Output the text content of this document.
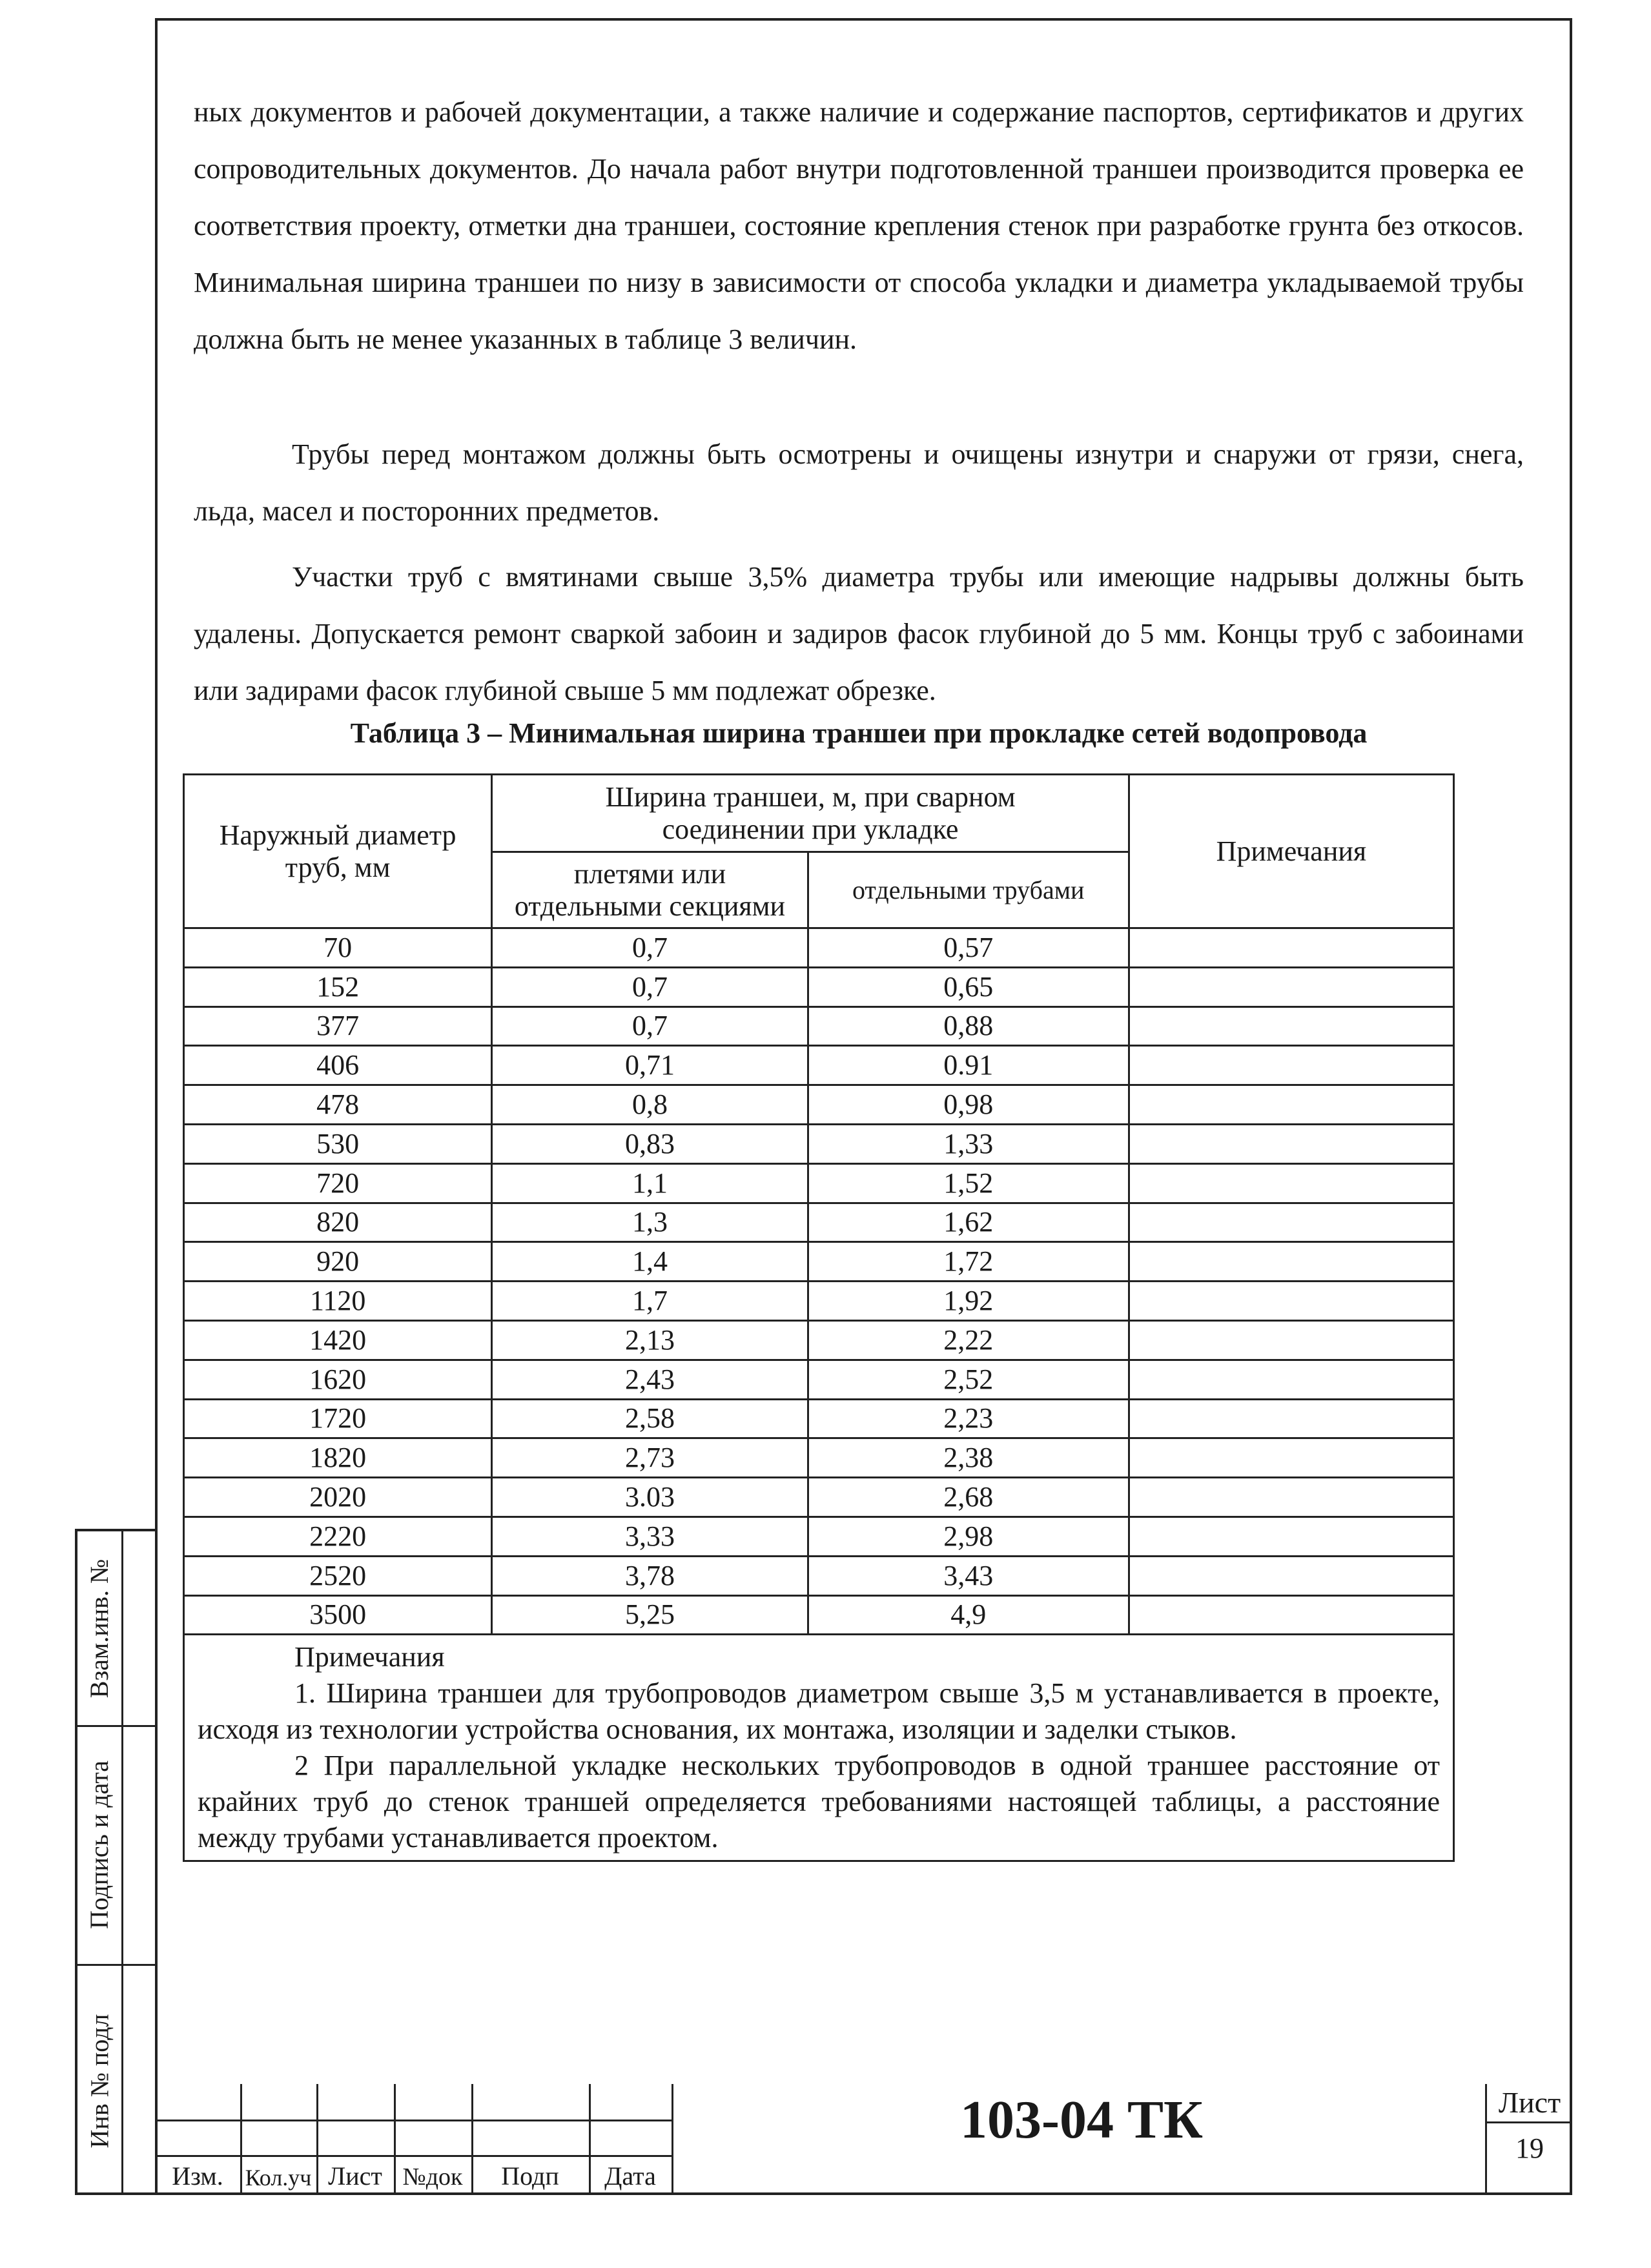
Взам.инв. №
Подпись и дата
Инв № подл

ных документов и рабочей документации, а также наличие и содержание паспортов, сертификатов и других сопроводительных документов. До начала работ внутри подготовленной траншеи производится проверка ее соответствия проекту, отметки дна траншеи, состояние крепления стенок при разработке грунта без откосов. Минимальная ширина траншеи по низу в зависимости от способа укладки и диаметра укладываемой трубы должна быть не менее указанных в таблице 3 величин.

Трубы перед монтажом должны быть осмотрены и очищены изнутри и снаружи от грязи, снега, льда, масел и посторонних предметов.

Участки труб с вмятинами свыше 3,5% диаметра трубы или имеющие надрывы должны быть удалены. Допускается ремонт сваркой забоин и задиров фасок глубиной до 5 мм. Концы труб с забоинами или задирами фасок глубиной свыше 5 мм подлежат обрезке.

Таблица 3 – Минимальная ширина траншеи при прокладке сетей водопровода
Наружный диаметр труб, мм	Ширина траншеи, м, при сварном соединении при укладке		Примечания
	плетями или отдельными секциями	отдельными трубами	
70	0,7	0,57	
152	0,7	0,65	
377	0,7	0,88	
406	0,71	0.91	
478	0,8	0,98	
530	0,83	1,33	
720	1,1	1,52	
820	1,3	1,62	
920	1,4	1,72	
1120	1,7	1,92	
1420	2,13	2,22	
1620	2,43	2,52	
1720	2,58	2,23	
1820	2,73	2,38	
2020	3.03	2,68	
2220	3,33	2,98	
2520	3,78	3,43	
3500	5,25	4,9	

Примечания

1. Ширина траншеи для трубопроводов диаметром свыше 3,5 м устанавливается в проекте, исходя из технологии устройства основания, их монтажа, изоляции и заделки стыков.

2 При параллельной укладке нескольких трубопроводов в одной траншее расстояние от крайних труб до стенок траншей определяется требованиями настоящей таблицы, а расстояние между трубами устанавливается проектом.			

Изм. Кол.уч Лист №док	Подп	Дата
103-04 ТК	Лист
19
